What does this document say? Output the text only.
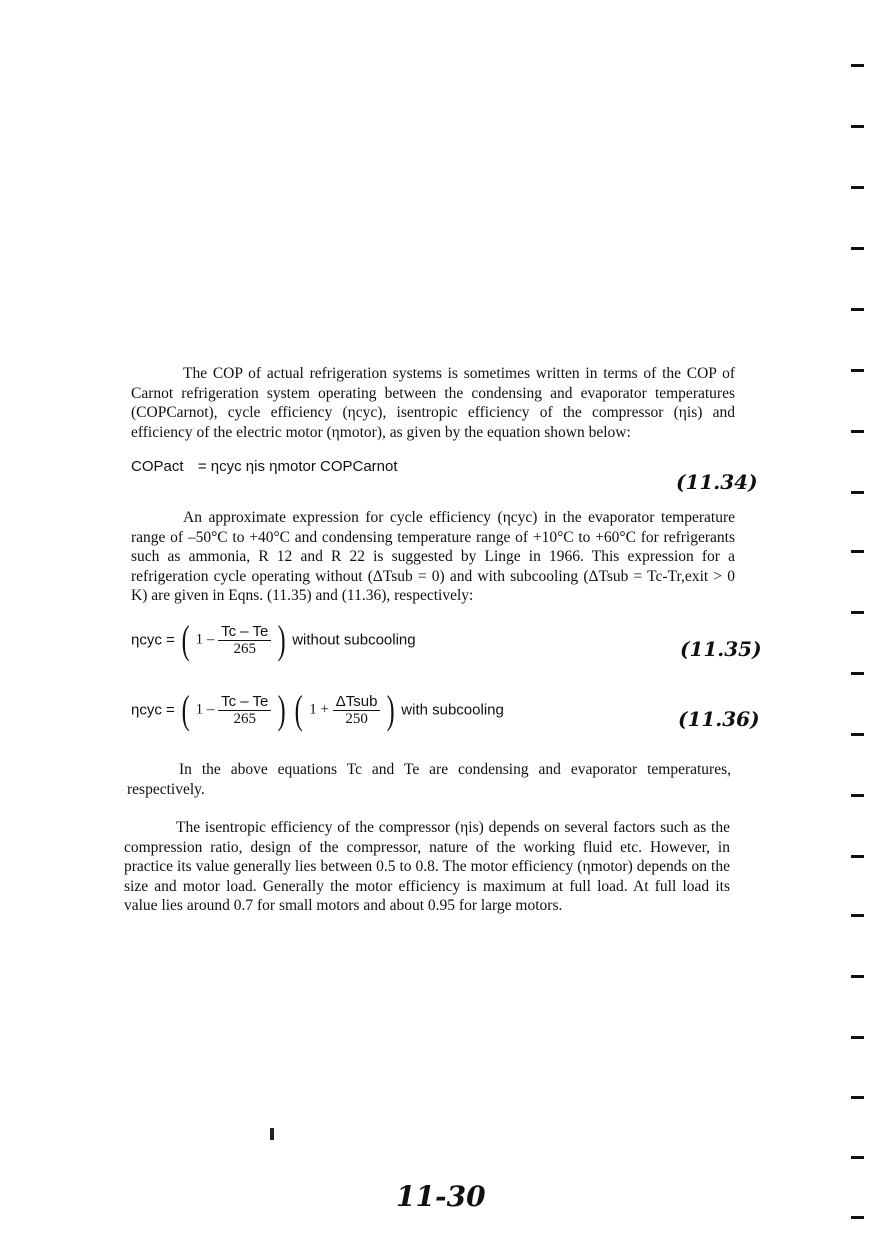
The COP of actual refrigeration systems is sometimes written in terms of the COP of Carnot refrigeration system operating between the condensing and evaporator temperatures (COPCarnot), cycle efficiency (ηcyc), isentropic efficiency of the compressor (ηis) and efficiency of the electric motor (ηmotor), as given by the equation shown below:
COPact = ηcyc ηis ηmotor COPCarnot
(11.34)
An approximate expression for cycle efficiency (ηcyc) in the evaporator temperature range of –50°C to +40°C and condensing temperature range of +10°C to +60°C for refrigerants such as ammonia, R 12 and R 22 is suggested by Linge in 1966. This expression for a refrigeration cycle operating without (ΔTsub = 0) and with subcooling (ΔTsub = Tc-Tr,exit > 0 K) are given in Eqns. (11.35) and (11.36), respectively:
ηcyc = ( $1 - \frac{Tc - Te}{265}$ ) without subcooling	(11.35)
ηcyc = ( $1 - \frac{Tc - Te}{265}$ ) ( $1 + \frac{\text{ΔTsub}}{250}$ ) with subcooling	(11.36)
In the above equations Tc and Te are condensing and evaporator temperatures, respectively.
The isentropic efficiency of the compressor (ηis) depends on several factors such as the compression ratio, design of the compressor, nature of the working fluid etc. However, in practice its value generally lies between 0.5 to 0.8. The motor efficiency (ηmotor) depends on the size and motor load. Generally the motor efficiency is maximum at full load. At full load its value lies around 0.7 for small motors and about 0.95 for large motors.
11-30
